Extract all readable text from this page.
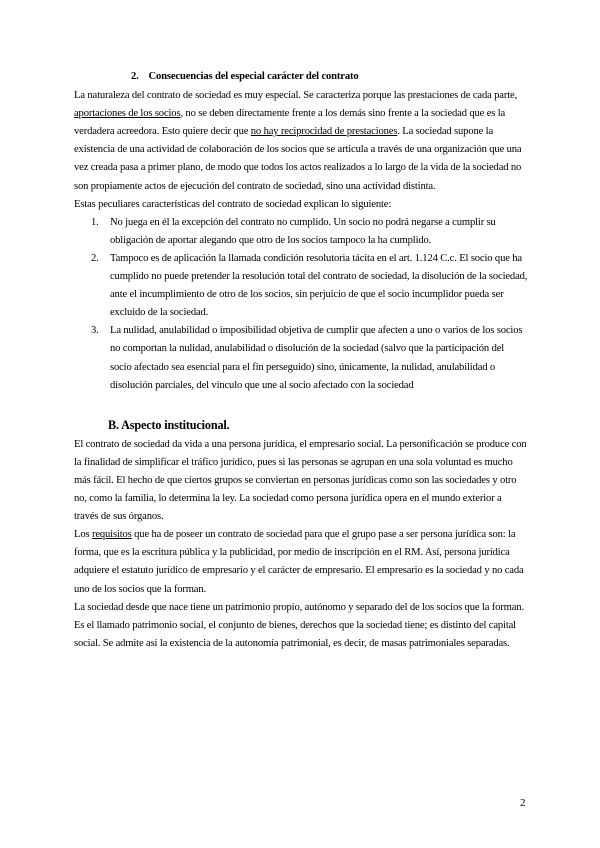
2. Consecuencias del especial carácter del contrato

La naturaleza del contrato de sociedad es muy especial. Se caracteriza porque las prestaciones de cada parte, aportaciones de los socios, no se deben directamente frente a los demás sino frente a la sociedad que es la verdadera acreedora. Esto quiere decir que no hay reciprocidad de prestaciones. La sociedad supone la existencia de una actividad de colaboración de los socios que se articula a través de una organización que una vez creada pasa a primer plano, de modo que todos los actos realizados a lo largo de la vida de la sociedad no son propiamente actos de ejecución del contrato de sociedad, sino una actividad distinta.

Estas peculiares características del contrato de sociedad explican lo siguiente:

1. No juega en él la excepción del contrato no cumplido. Un socio no podrá negarse a cumplir su obligación de aportar alegando que otro de los socios tampoco la ha cumplido.
2. Tampoco es de aplicación la llamada condición resolutoria tácita en el art. 1.124 C.c. El socio que ha cumplido no puede pretender la resolución total del contrato de sociedad, la disolución de la sociedad, ante el incumplimiento de otro de los socios, sin perjuicio de que el socio incumplidor pueda ser excluido de la sociedad.
3. La nulidad, anulabilidad o imposibilidad objetiva de cumplir que afecten a uno o varios de los socios no comportan la nulidad, anulabilidad o disolución de la sociedad (salvo que la participación del socio afectado sea esencial para el fin perseguido) sino, únicamente, la nulidad, anulabilidad o disolución parciales, del vínculo que une al socio afectado con la sociedad
B. Aspecto institucional.

El contrato de sociedad da vida a una persona jurídica, el empresario social. La personificación se produce con la finalidad de simplificar el tráfico jurídico, pues si las personas se agrupan en una sola voluntad es mucho más fácil. El hecho de que ciertos grupos se conviertan en personas jurídicas como son las sociedades y otro no, como la familia, lo determina la ley. La sociedad como persona jurídica opera en el mundo exterior a través de sus órganos.

Los requisitos que ha de poseer un contrato de sociedad para que el grupo pase a ser persona jurídica son: la forma, que es la escritura pública y la publicidad, por medio de inscripción en el RM. Así, persona jurídica adquiere el estatuto jurídico de empresario y el carácter de empresario. El empresario es la sociedad y no cada uno de los socios que la forman.

La sociedad desde que nace tiene un patrimonio propio, autónomo y separado del de los socios que la forman. Es el llamado patrimonio social, el conjunto de bienes, derechos que la sociedad tiene; es distinto del capital social. Se admite así la existencia de la autonomía patrimonial, es decir, de masas patrimoniales separadas.

2
